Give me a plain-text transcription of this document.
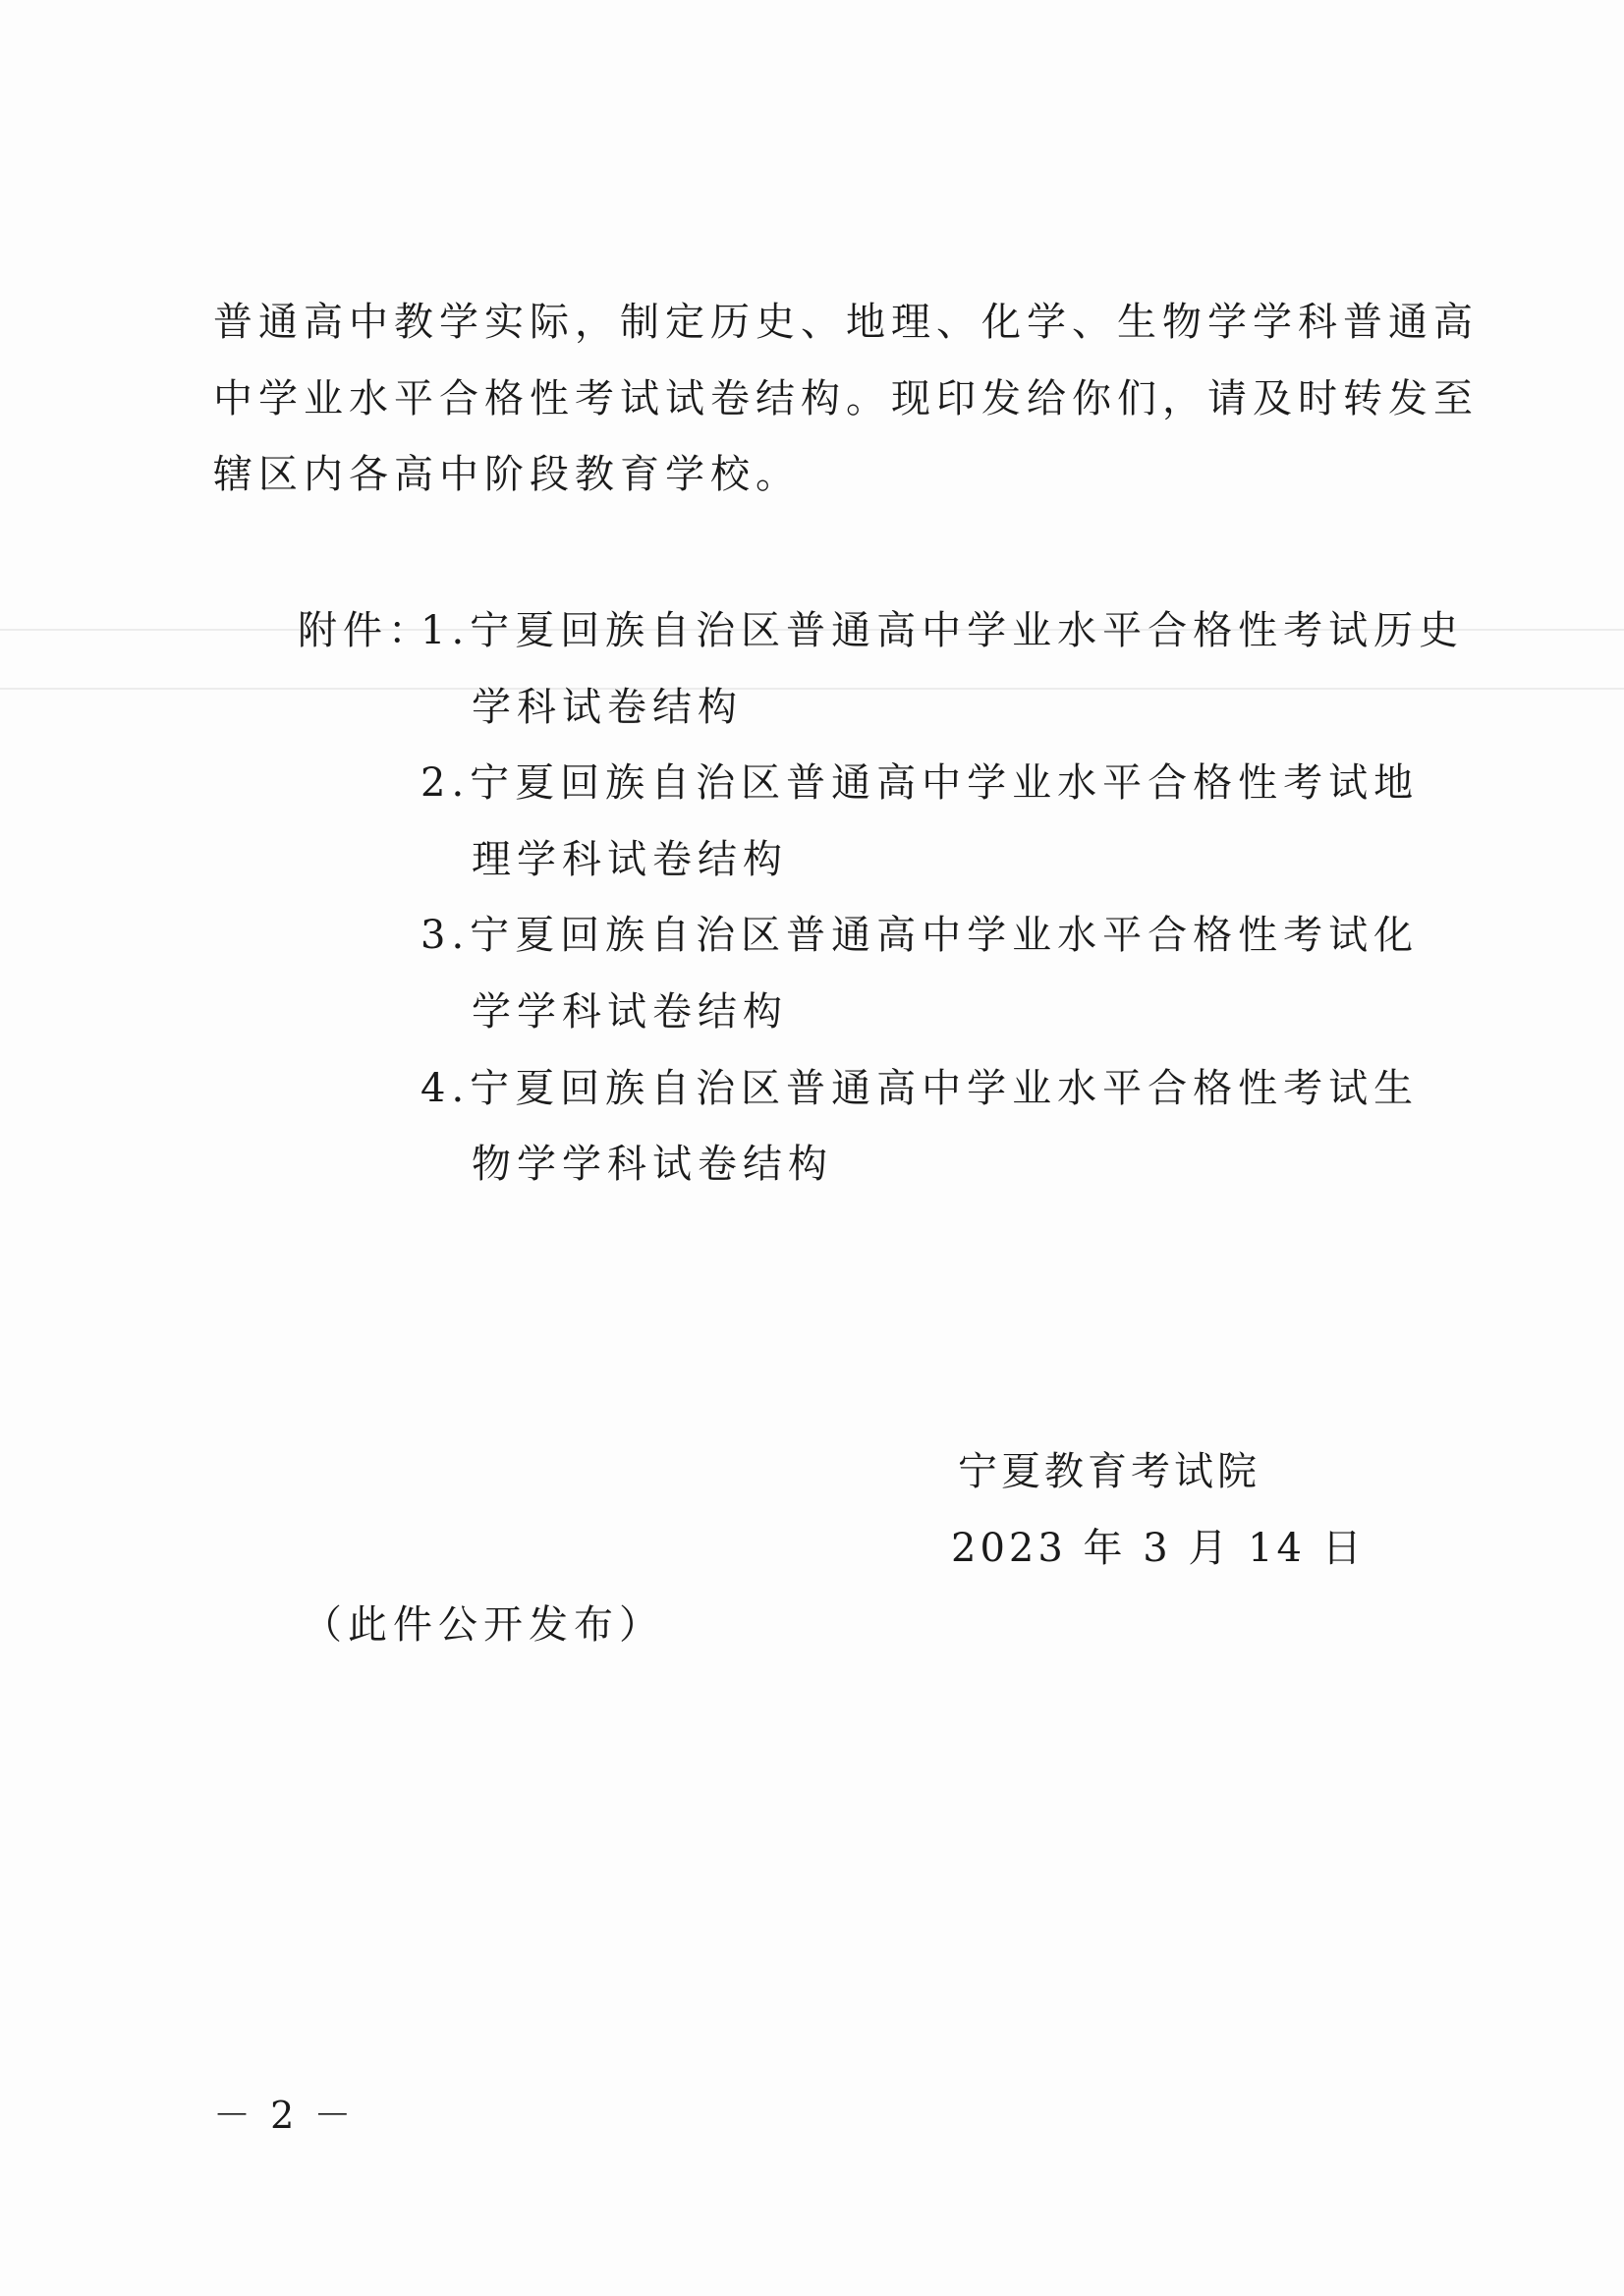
普通高中教学实际，制定历史、地理、化学、生物学学科普通高
中学业水平合格性考试试卷结构。现印发给你们，请及时转发至
辖区内各高中阶段教育学校。
附件：
1.宁夏回族自治区普通高中学业水平合格性考试历史
学科试卷结构
2.宁夏回族自治区普通高中学业水平合格性考试地
理学科试卷结构
3.宁夏回族自治区普通高中学业水平合格性考试化
学学科试卷结构
4.宁夏回族自治区普通高中学业水平合格性考试生
物学学科试卷结构
宁夏教育考试院
2023 年 3 月 14 日
（此件公开发布）
－ 2 －
